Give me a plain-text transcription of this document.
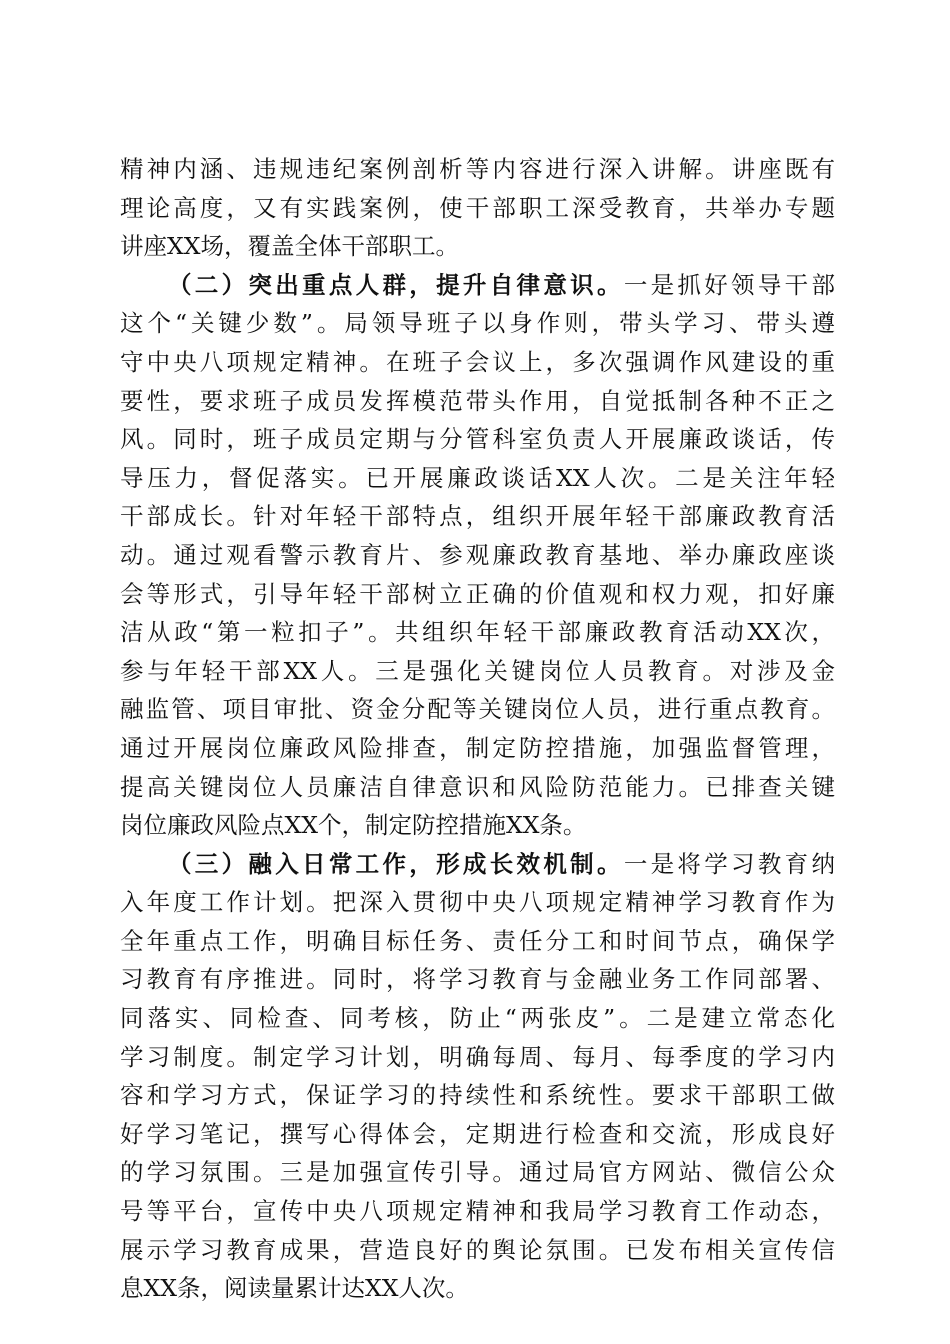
精神内涵、违规违纪案例剖析等内容进行深入讲解。讲座既有
理论高度，又有实践案例，使干部职工深受教育，共举办专题
讲座XX场，覆盖全体干部职工。
（二）突出重点人群，提升自律意识。一是抓好领导干部
这个“关键少数”。局领导班子以身作则，带头学习、带头遵
守中央八项规定精神。在班子会议上，多次强调作风建设的重
要性，要求班子成员发挥模范带头作用，自觉抵制各种不正之
风。同时，班子成员定期与分管科室负责人开展廉政谈话，传
导压力，督促落实。已开展廉政谈话XX人次。二是关注年轻
干部成长。针对年轻干部特点，组织开展年轻干部廉政教育活
动。通过观看警示教育片、参观廉政教育基地、举办廉政座谈
会等形式，引导年轻干部树立正确的价值观和权力观，扣好廉
洁从政“第一粒扣子”。共组织年轻干部廉政教育活动XX次，
参与年轻干部XX人。三是强化关键岗位人员教育。对涉及金
融监管、项目审批、资金分配等关键岗位人员，进行重点教育。
通过开展岗位廉政风险排查，制定防控措施，加强监督管理，
提高关键岗位人员廉洁自律意识和风险防范能力。已排查关键
岗位廉政风险点XX个，制定防控措施XX条。
（三）融入日常工作，形成长效机制。一是将学习教育纳
入年度工作计划。把深入贯彻中央八项规定精神学习教育作为
全年重点工作，明确目标任务、责任分工和时间节点，确保学
习教育有序推进。同时，将学习教育与金融业务工作同部署、
同落实、同检查、同考核，防止“两张皮”。二是建立常态化
学习制度。制定学习计划，明确每周、每月、每季度的学习内
容和学习方式，保证学习的持续性和系统性。要求干部职工做
好学习笔记，撰写心得体会，定期进行检查和交流，形成良好
的学习氛围。三是加强宣传引导。通过局官方网站、微信公众
号等平台，宣传中央八项规定精神和我局学习教育工作动态，
展示学习教育成果，营造良好的舆论氛围。已发布相关宣传信
息XX条，阅读量累计达XX人次。
